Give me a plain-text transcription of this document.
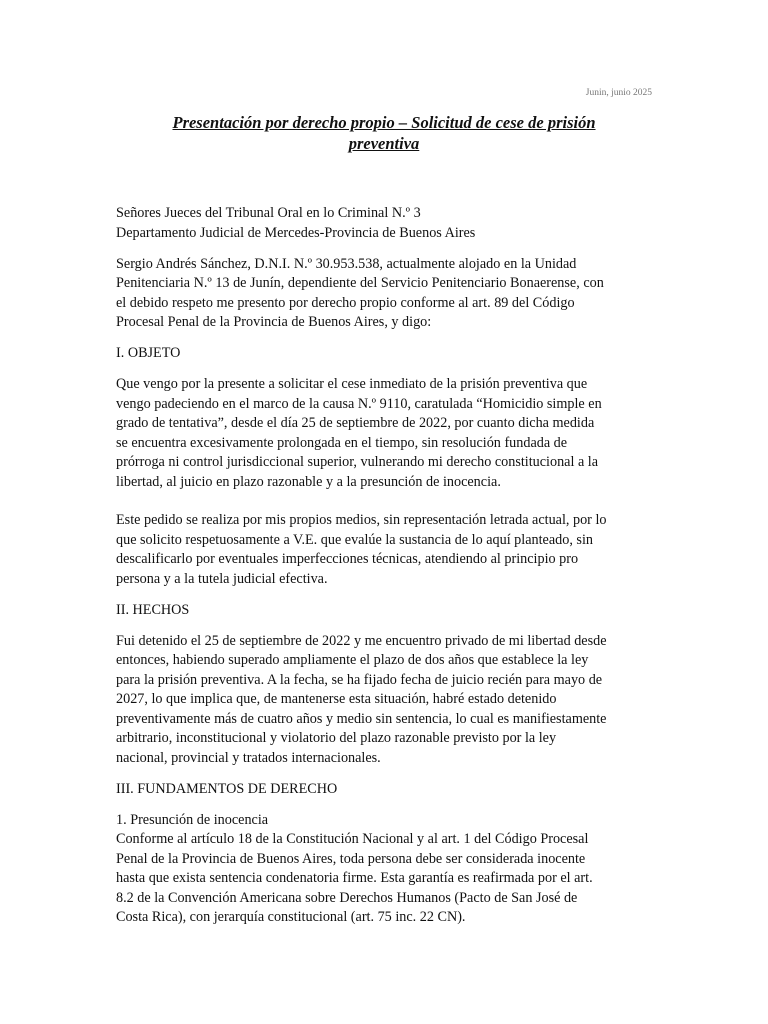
Junin, junio 2025
Presentación por derecho propio – Solicitud de cese de prisión
preventiva

Señores Jueces del Tribunal Oral en lo Criminal N.º 3
Departamento Judicial de Mercedes-Provincia de Buenos Aires

Sergio Andrés Sánchez, D.N.I. N.º 30.953.538, actualmente alojado en la Unidad
Penitenciaria N.º 13 de Junín, dependiente del Servicio Penitenciario Bonaerense, con
el debido respeto me presento por derecho propio conforme al art. 89 del Código
Procesal Penal de la Provincia de Buenos Aires, y digo:

I. OBJETO

Que vengo por la presente a solicitar el cese inmediato de la prisión preventiva que
vengo padeciendo en el marco de la causa N.º 9110, caratulada “Homicidio simple en
grado de tentativa”, desde el día 25 de septiembre de 2022, por cuanto dicha medida
se encuentra excesivamente prolongada en el tiempo, sin resolución fundada de
prórroga ni control jurisdiccional superior, vulnerando mi derecho constitucional a la
libertad, al juicio en plazo razonable y a la presunción de inocencia.

Este pedido se realiza por mis propios medios, sin representación letrada actual, por lo
que solicito respetuosamente a V.E. que evalúe la sustancia de lo aquí planteado, sin
descalificarlo por eventuales imperfecciones técnicas, atendiendo al principio pro
persona y a la tutela judicial efectiva.

II. HECHOS

Fui detenido el 25 de septiembre de 2022 y me encuentro privado de mi libertad desde
entonces, habiendo superado ampliamente el plazo de dos años que establece la ley
para la prisión preventiva. A la fecha, se ha fijado fecha de juicio recién para mayo de
2027, lo que implica que, de mantenerse esta situación, habré estado detenido
preventivamente más de cuatro años y medio sin sentencia, lo cual es manifiestamente
arbitrario, inconstitucional y violatorio del plazo razonable previsto por la ley
nacional, provincial y tratados internacionales.

III. FUNDAMENTOS DE DERECHO

1. Presunción de inocencia
Conforme al artículo 18 de la Constitución Nacional y al art. 1 del Código Procesal
Penal de la Provincia de Buenos Aires, toda persona debe ser considerada inocente
hasta que exista sentencia condenatoria firme. Esta garantía es reafirmada por el art.
8.2 de la Convención Americana sobre Derechos Humanos (Pacto de San José de
Costa Rica), con jerarquía constitucional (art. 75 inc. 22 CN).
